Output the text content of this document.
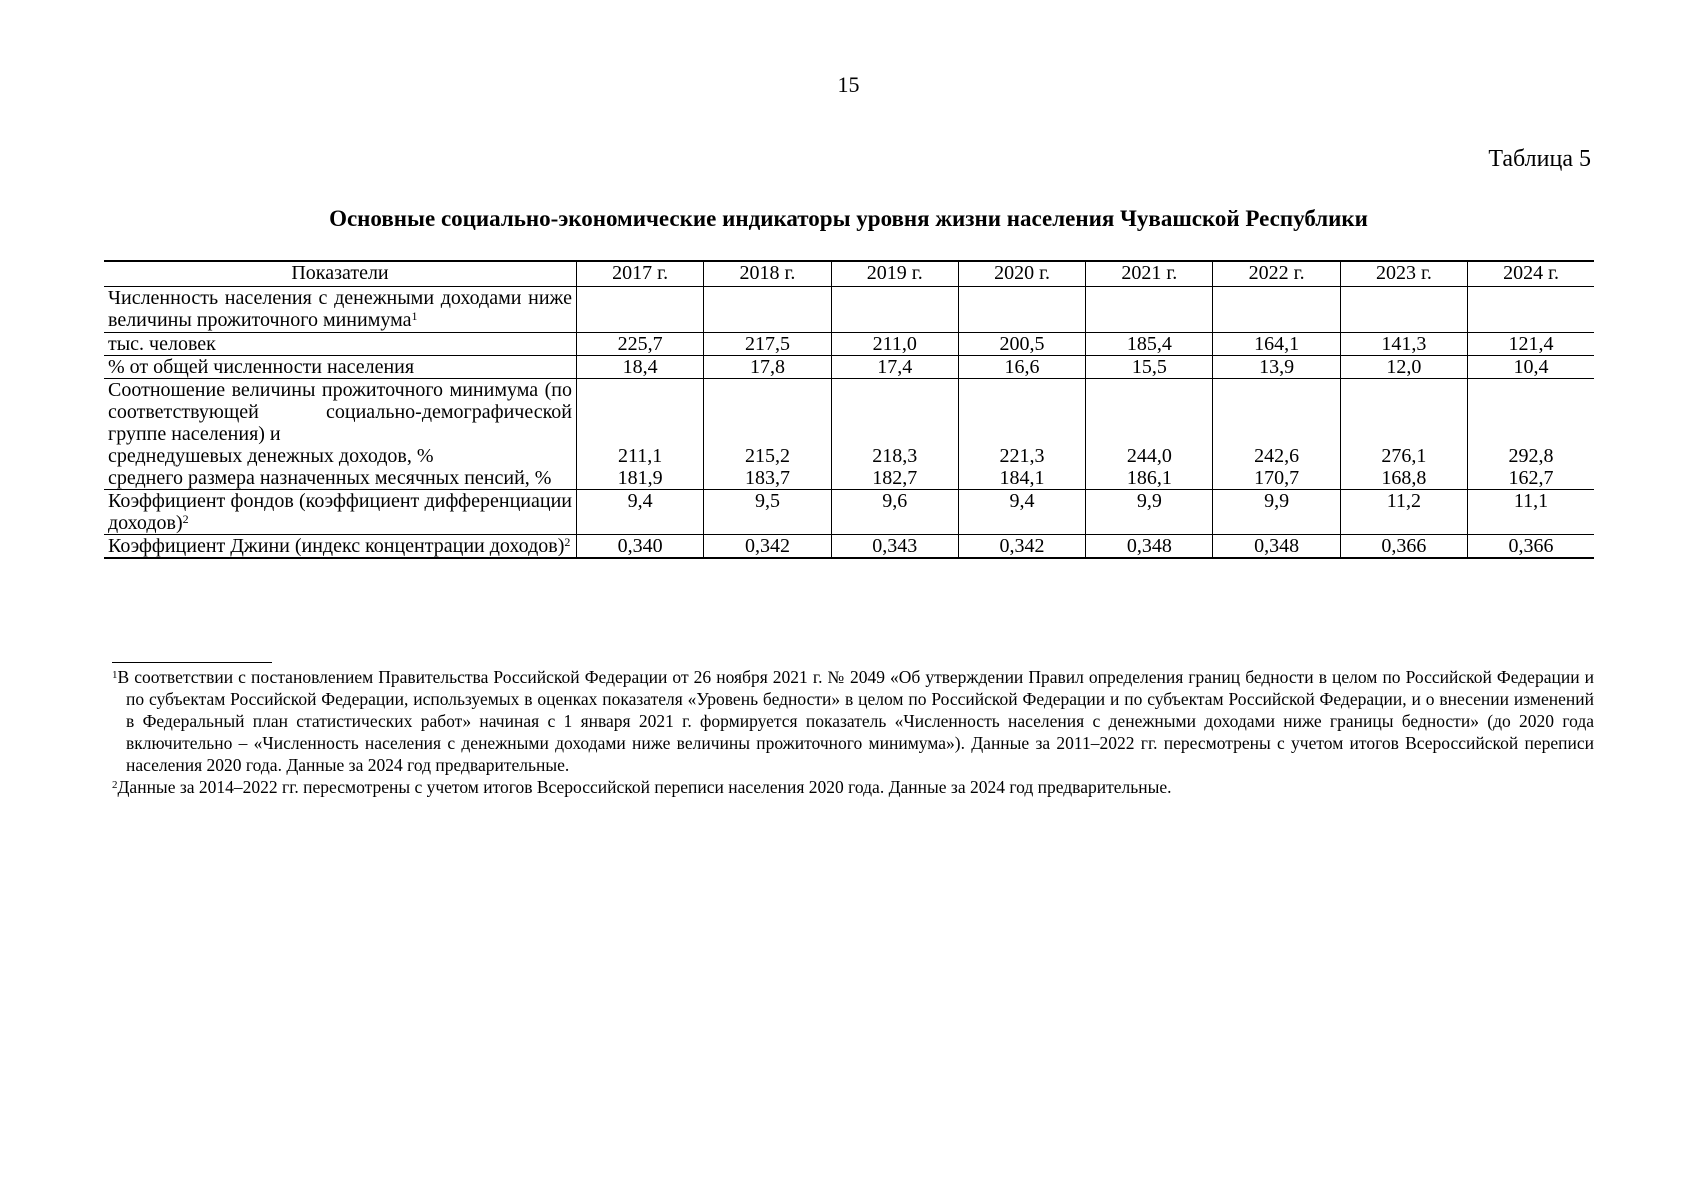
15
Таблица 5
Основные социально-экономические индикаторы уровня жизни населения Чувашской Республики
Показатели	2017 г.	2018 г.	2019 г.	2020 г.	2021 г.	2022 г.	2023 г.	2024 г.
Численность населения с денежными доходами ниже величины прожиточного минимума$^1$								
тыс. человек	225,7	217,5	211,0	200,5	185,4	164,1	141,3	121,4
% от общей численности населения	18,4	17,8	17,4	16,6	15,5	13,9	12,0	10,4
Соотношение величины прожиточного минимума (по соответствующей социально-демографической группе населения) и								
среднедушевых денежных доходов, %	211,1	215,2	218,3	221,3	244,0	242,6	276,1	292,8
среднего размера назначенных месячных пенсий, %	181,9	183,7	182,7	184,1	186,1	170,7	168,8	162,7
Коэффициент фондов (коэффициент дифференциации доходов)$^2$	9,4	9,5	9,6	9,4	9,9	9,9	11,2	11,1
Коэффициент Джини (индекс концентрации доходов)$^2$	0,340	0,342	0,343	0,342	0,348	0,348	0,366	0,366
$^1$В соответствии с постановлением Правительства Российской Федерации от 26 ноября 2021 г. № 2049 «Об утверждении Правил определения границ бедности в целом по Российской Федерации и по субъектам Российской Федерации, используемых в оценках показателя «Уровень бедности» в целом по Российской Федерации и по субъектам Российской Федерации, и о внесении изменений в Федеральный план статистических работ» начиная с 1 января 2021 г. формируется показатель «Численность населения с денежными доходами ниже границы бедности» (до 2020 года включительно – «Численность населения с денежными доходами ниже величины прожиточного минимума»). Данные за 2011–2022 гг. пересмотрены с учетом итогов Всероссийской переписи населения 2020 года. Данные за 2024 год предварительные.
$^2$Данные за 2014–2022 гг. пересмотрены с учетом итогов Всероссийской переписи населения 2020 года. Данные за 2024 год предварительные.
